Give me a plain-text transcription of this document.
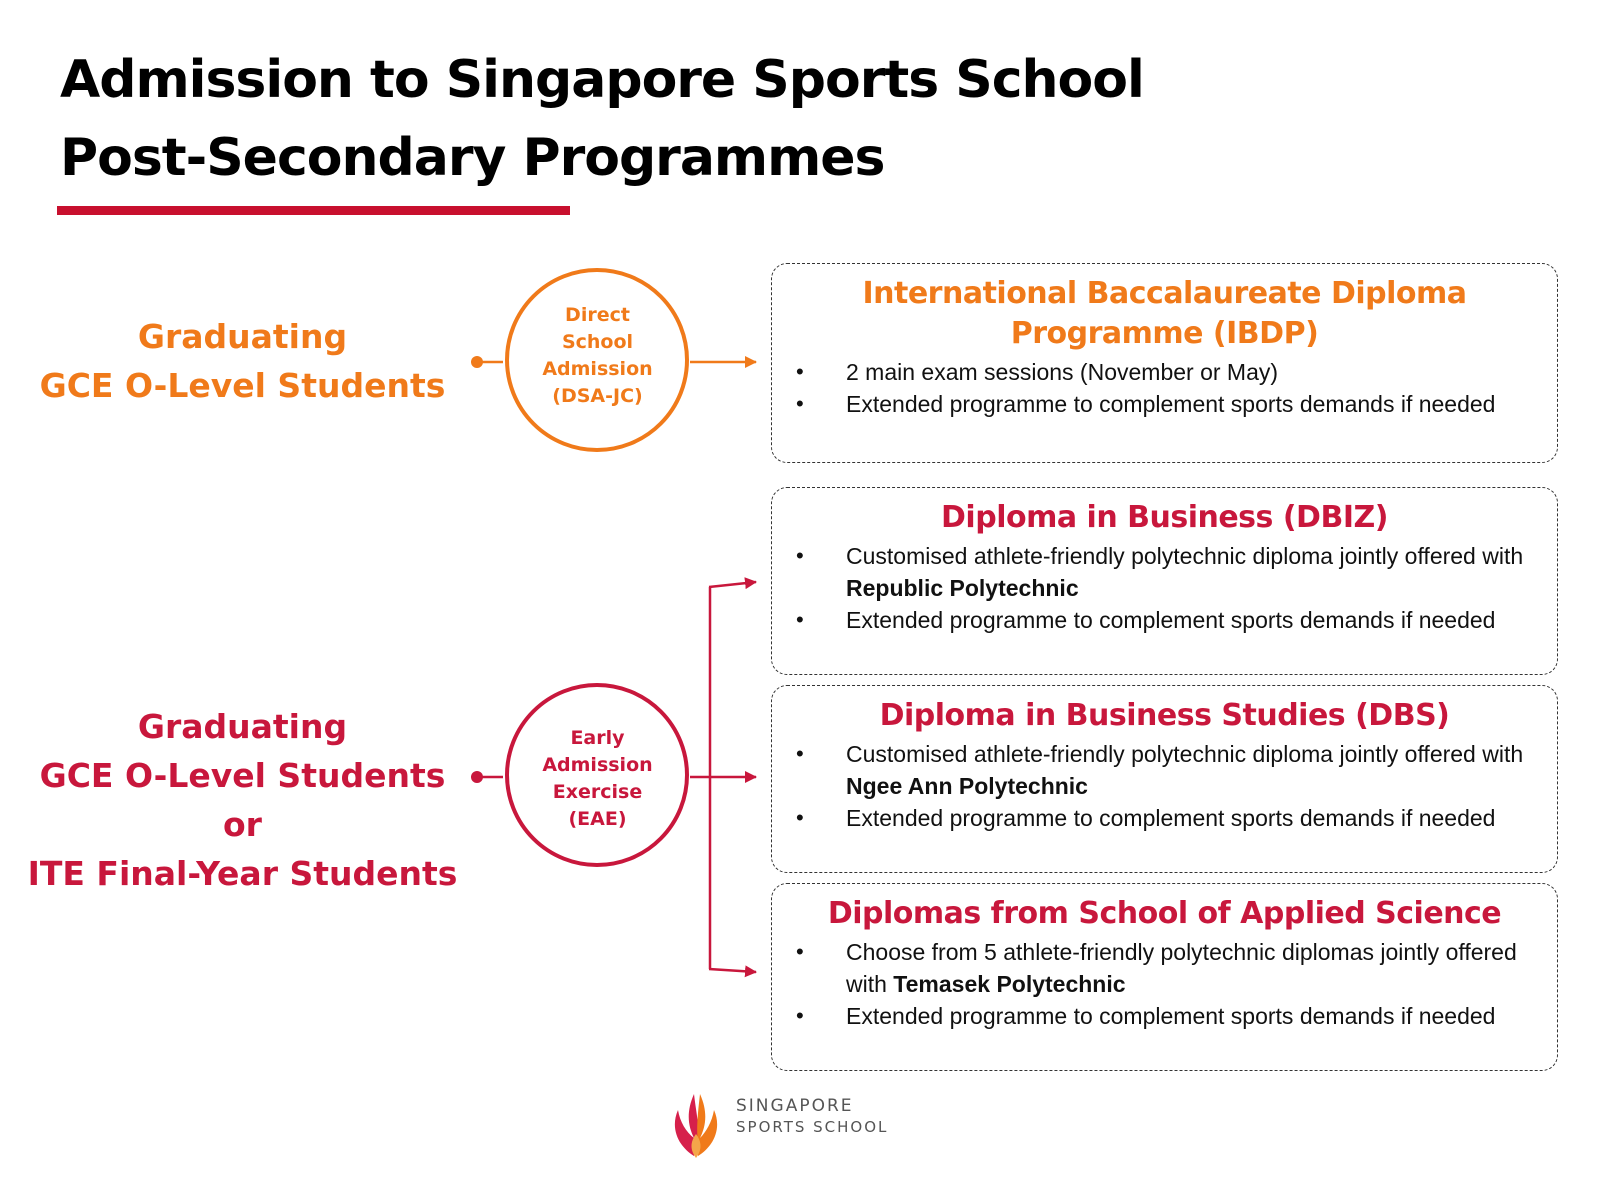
Admission to Singapore Sports School
Post-Secondary Programmes
Graduating
GCE O-Level Students
Graduating
GCE O-Level Students or
ITE Final-Year Students
Direct
School
Admission
(DSA-JC)
Early
Admission
Exercise
(EAE)
International Baccalaureate Diploma Programme (IBDP)
• 2 main exam sessions (November or May)
• Extended programme to complement sports demands if needed
Diploma in Business (DBIZ)
• Customised athlete-friendly polytechnic diploma jointly offered with Republic Polytechnic
• Extended programme to complement sports demands if needed
Diploma in Business Studies (DBS)
• Customised athlete-friendly polytechnic diploma jointly offered with Ngee Ann Polytechnic
• Extended programme to complement sports demands if needed
Diplomas from School of Applied Science
• Choose from 5 athlete-friendly polytechnic diplomas jointly offered with Temasek Polytechnic
• Extended programme to complement sports demands if needed
SINGAPORE
SPORTS SCHOOL
